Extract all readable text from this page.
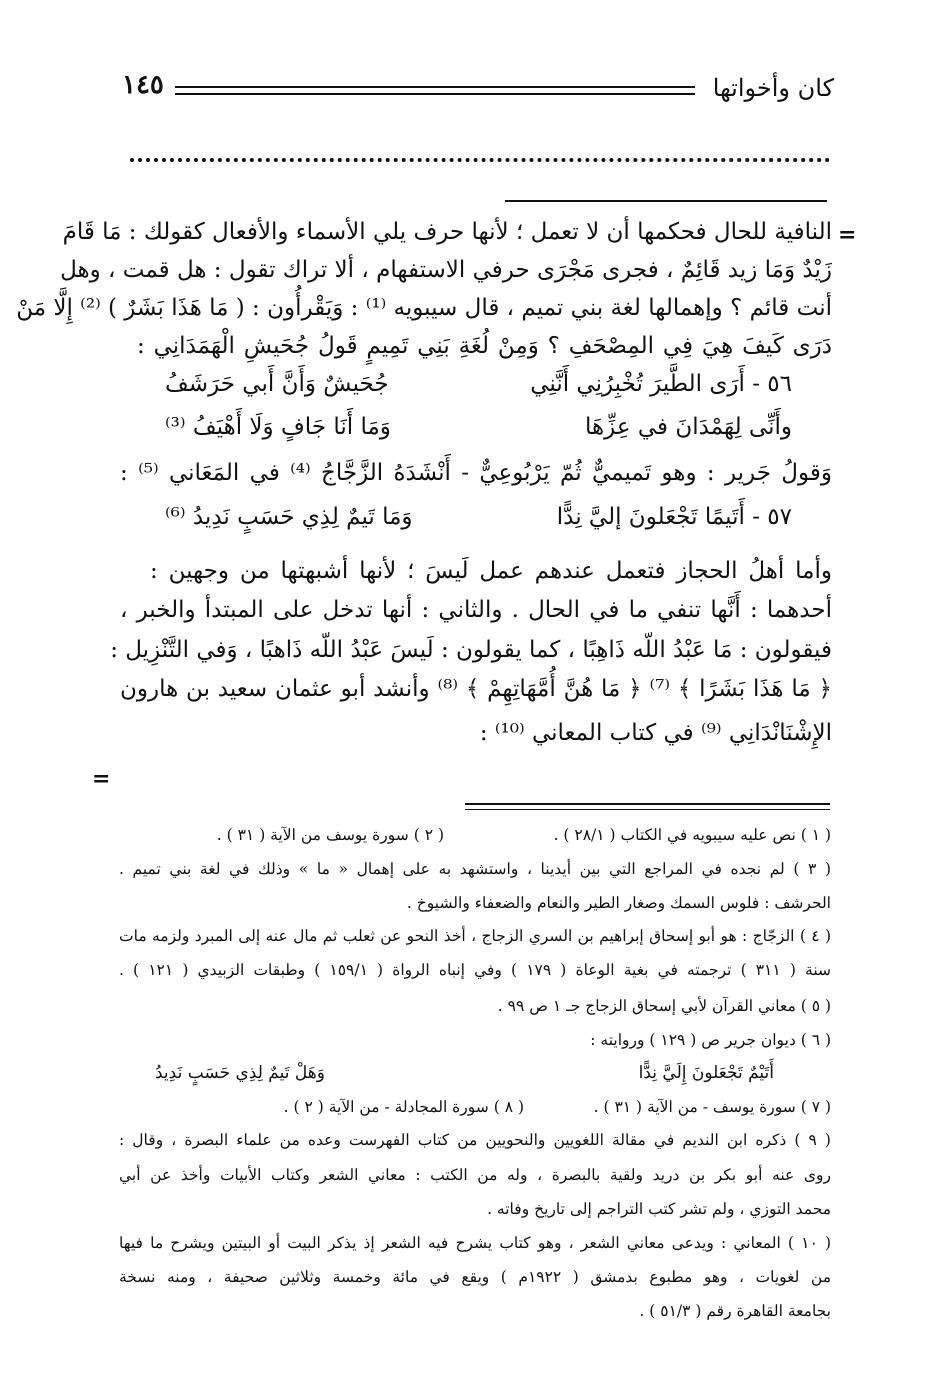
كان وأخواتها
١٤٥
=
=
النافية للحال فحكمها أن لا تعمل ؛ لأنها حرف يلي الأسماء والأفعال كقولك : مَا قَامَ
زَيْدٌ وَمَا زيد قَائِمٌ ، فجرى مَجْرَى حرفي الاستفهام ، ألا تراك تقول : هل قمت ، وهل
أنت قائم ؟ وإهمالها لغة بني تميم ، قال سيبويه ⁽¹⁾ : وَيَقْرأُون : ( مَا هَذَا بَشَرٌ ) ⁽²⁾ إِلَّا مَنْ
دَرَى كَيفَ هِيَ فِي المِصْحَفِ ؟ وَمِنْ لُغَةِ بَنِي تَمِيمٍ قَولُ جُحَيشِ الْهَمَدَانِي :
٥٦ - أَرَى الطَّيرَ تُخْبِرُنِي أَنَّنِي
جُحَيشٌ وَأَنَّ أَبي حَرَشَفُ
وأَنِّى لِهَمْدَانَ في عِزِّهَا
وَمَا أَنَا جَافٍ وَلَا أَهْيَفُ ⁽³⁾
وَقولُ جَرير : وهو تَميميٌّ ثُمّ يَرْبُوعِيٌّ - أَنْشَدَهُ الزَّجَّاجُ ⁽⁴⁾ في المَعَاني ⁽⁵⁾ :
٥٧ - أَتَيمًا تَجْعَلونَ إليَّ نِدًّا
وَمَا تَيمٌ لِذِي حَسَبٍ نَدِيدُ ⁽⁶⁾
وأما أهلُ الحجاز فتعمل عندهم عمل لَيسَ ؛ لأنها أشبهتها من وجهين :
أحدهما : أَنَّها تنفي ما في الحال . والثاني : أنها تدخل على المبتدأ والخبر ،
فيقولون : مَا عَبْدُ اللّه ذَاهِبًا ، كما يقولون : لَيسَ عَبْدُ اللّه ذَاهبًا ، وَفي التَّنْزِيل :
﴿ مَا هَذَا بَشَرًا ﴾ ⁽⁷⁾ ﴿ مَا هُنَّ أُمَّهَاتِهِمْ ﴾ ⁽⁸⁾ وأنشد أبو عثمان سعيد بن هارون
الإِشْنَانْدَانِي ⁽⁹⁾ في كتاب المعاني ⁽¹⁰⁾ :
( ١ ) نص عليه سيبويه في الكتاب ( ٢٨/١ ) .
( ٢ ) سورة يوسف من الآية ( ٣١ ) .
( ٣ ) لم نجده في المراجع التي بين أيدينا ، واستشهد به على إهمال « ما » وذلك في لغة بني تميم .
الحرشف : فلوس السمك وصغار الطير والنعام والضعفاء والشيوخ .
( ٤ ) الزجّاج : هو أبو إسحاق إبراهيم بن السري الزجاج ، أخذ النحو عن ثعلب ثم مال عنه إلى المبرد ولزمه مات
سنة ( ٣١١ ) ترجمته في بغية الوعاة ( ١٧٩ ) وفي إنباه الرواة ( ١٥٩/١ ) وطبقات الزبيدي ( ١٢١ ) .
( ٥ ) معاني القرآن لأبي إسحاق الزجاج جـ ١ ص ٩٩ .
( ٦ ) ديوان جرير ص ( ١٢٩ ) وروايته :
أَتَيْمٌ تَجْعَلونَ إِلَيَّ نِدًّا
وَهَلْ تَيمٌ لِذِي حَسَبٍ نَدِيدُ
( ٧ ) سورة يوسف - من الآية ( ٣١ ) .
( ٨ ) سورة المجادلة - من الآية ( ٢ ) .
( ٩ ) ذكره ابن النديم في مقالة اللغويين والنحويين من كتاب الفهرست وعده من علماء البصرة ، وقال :
روى عنه أبو بكر بن دريد ولقية بالبصرة ، وله من الكتب : معاني الشعر وكتاب الأبيات وأخذ عن أبي
محمد التوزي ، ولم تشر كتب التراجم إلى تاريخ وفاته .
( ١٠ ) المعاني : ويدعى معاني الشعر ، وهو كتاب يشرح فيه الشعر إذ يذكر البيت أو البيتين ويشرح ما فيها
من لغويات ، وهو مطبوع بدمشق ( ١٩٢٢م ) ويقع في مائة وخمسة وثلاثين صحيفة ، ومنه نسخة
بجامعة القاهرة رقم ( ٥١/٣ ) .
